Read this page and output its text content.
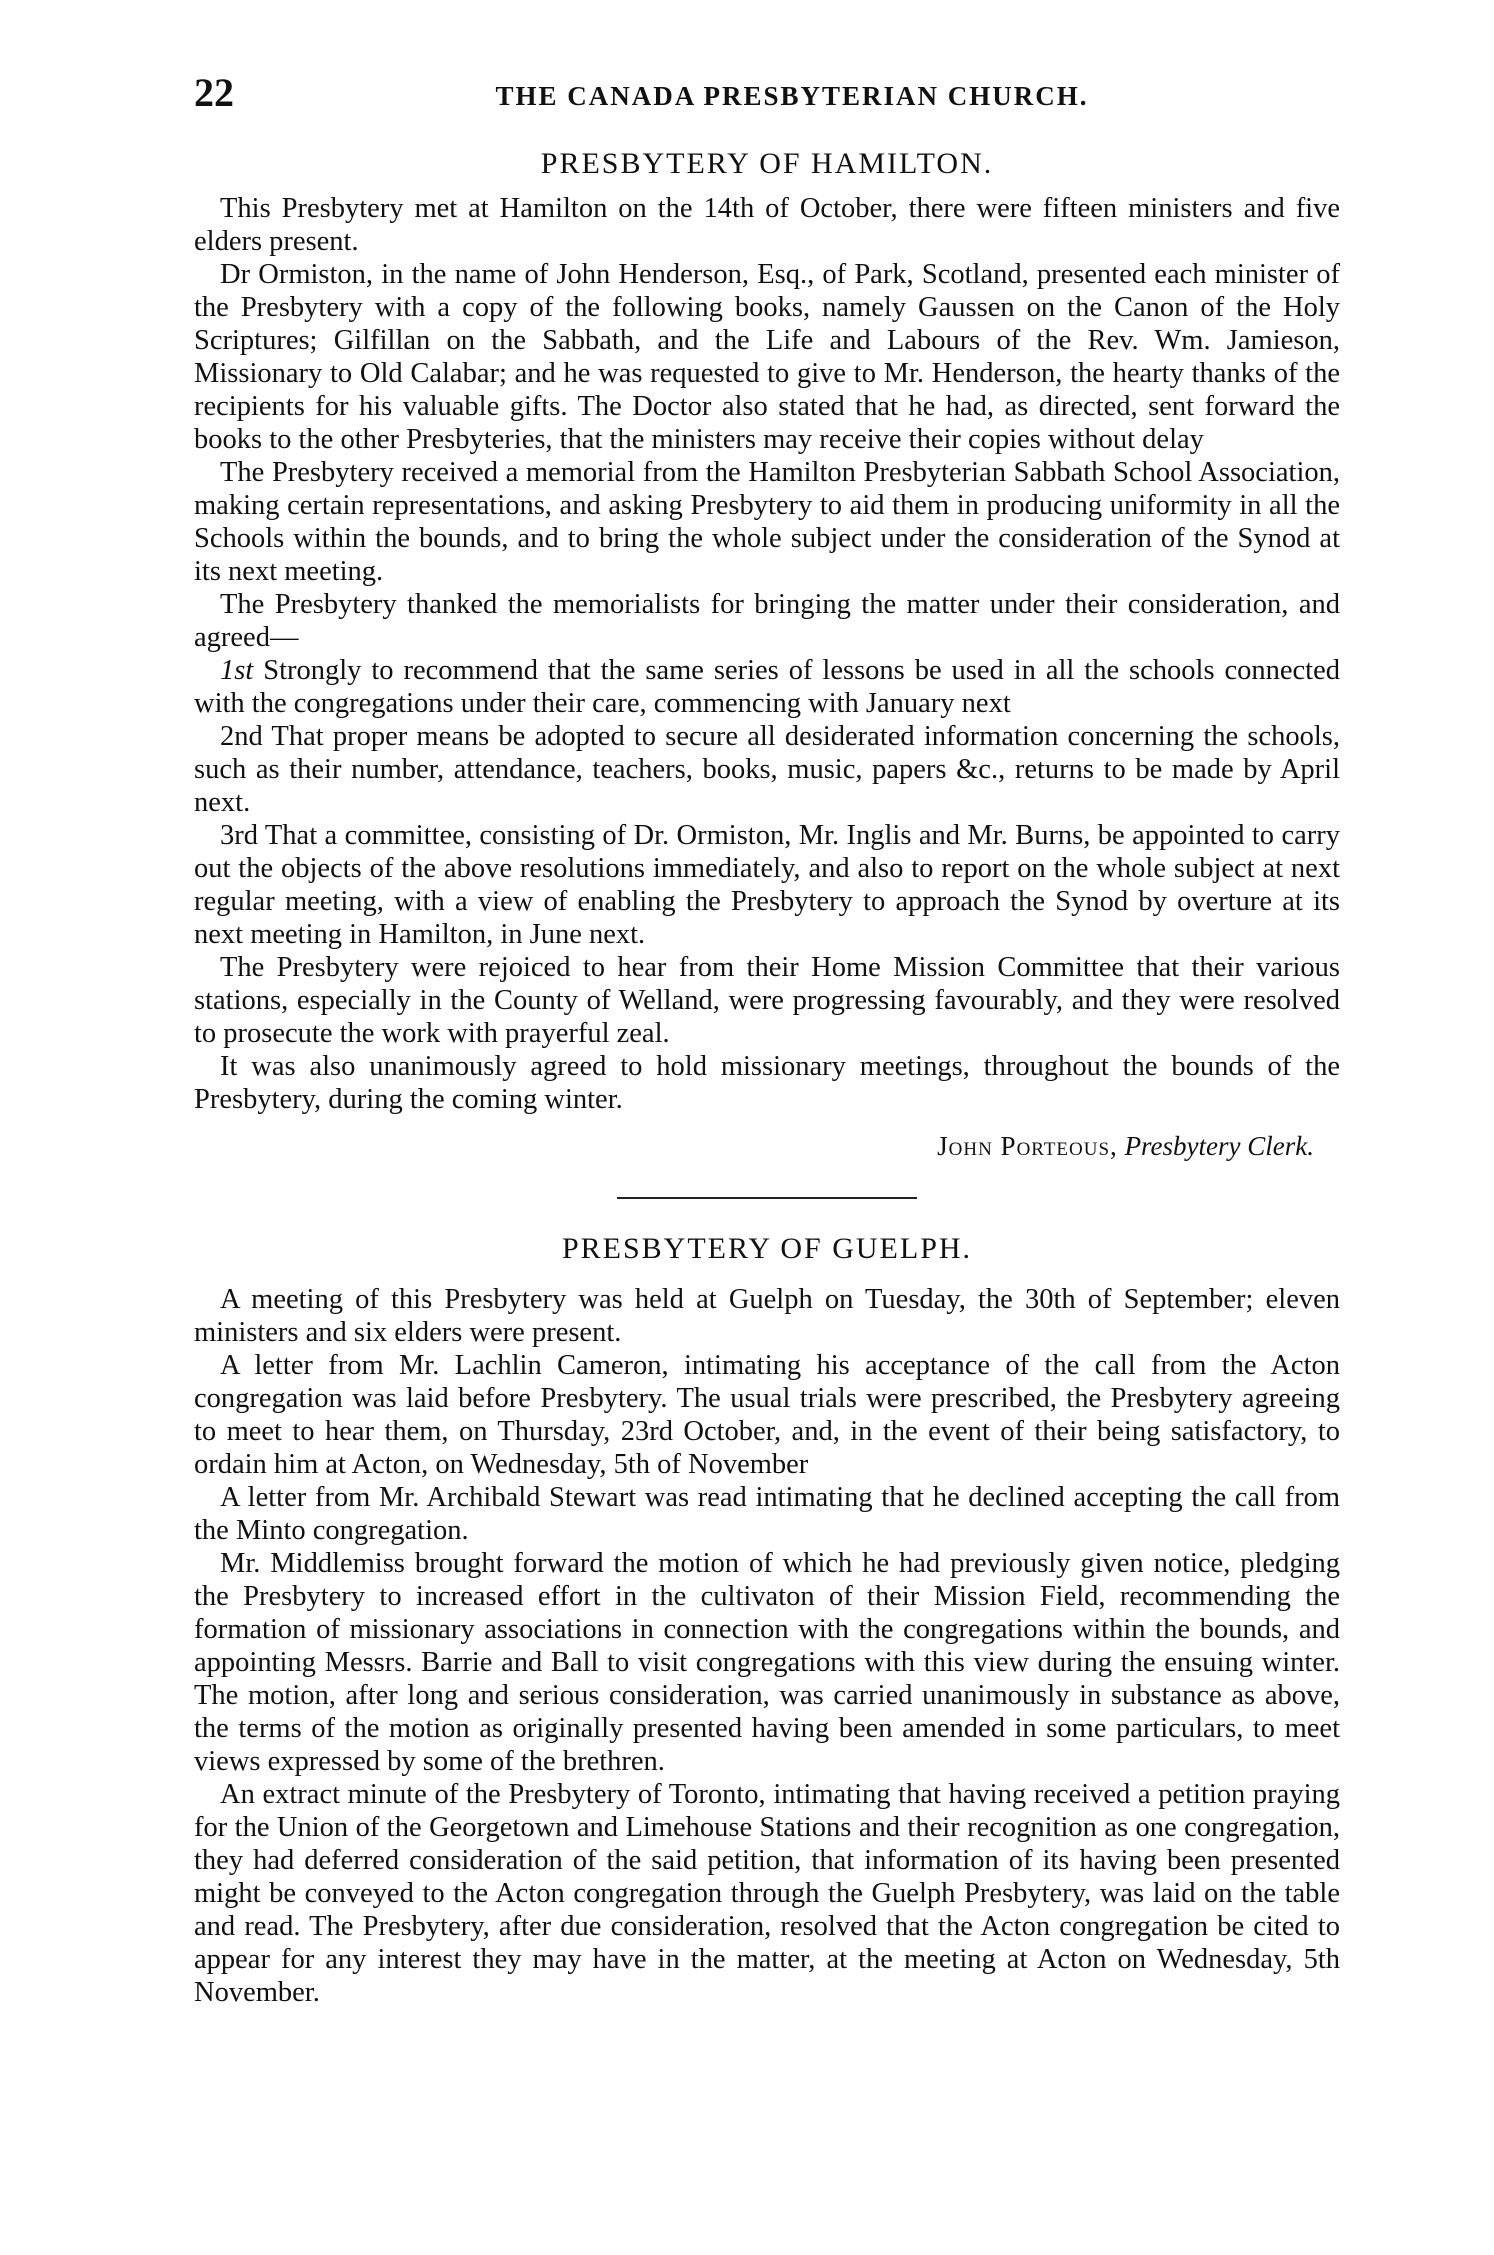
22	THE CANADA PRESBYTERIAN CHURCH.
PRESBYTERY OF HAMILTON.

This Presbytery met at Hamilton on the 14th of October, there were fifteen ministers and five elders present.

Dr Ormiston, in the name of John Henderson, Esq., of Park, Scotland, presented each minister of the Presbytery with a copy of the following books, namely Gaussen on the Canon of the Holy Scriptures; Gilfillan on the Sabbath, and the Life and Labours of the Rev. Wm. Jamieson, Missionary to Old Calabar; and he was requested to give to Mr. Henderson, the hearty thanks of the recipients for his valuable gifts. The Doctor also stated that he had, as directed, sent forward the books to the other Presbyteries, that the ministers may receive their copies without delay

The Presbytery received a memorial from the Hamilton Presbyterian Sabbath School Association, making certain representations, and asking Presbytery to aid them in producing uniformity in all the Schools within the bounds, and to bring the whole subject under the consideration of the Synod at its next meeting.

The Presbytery thanked the memorialists for bringing the matter under their consideration, and agreed—

1st Strongly to recommend that the same series of lessons be used in all the schools connected with the congregations under their care, commencing with January next

2nd That proper means be adopted to secure all desiderated information concerning the schools, such as their number, attendance, teachers, books, music, papers &c., returns to be made by April next.

3rd That a committee, consisting of Dr. Ormiston, Mr. Inglis and Mr. Burns, be appointed to carry out the objects of the above resolutions immediately, and also to report on the whole subject at next regular meeting, with a view of enabling the Presbytery to approach the Synod by overture at its next meeting in Hamilton, in June next.

The Presbytery were rejoiced to hear from their Home Mission Committee that their various stations, especially in the County of Welland, were progressing favourably, and they were resolved to prosecute the work with prayerful zeal.

It was also unanimously agreed to hold missionary meetings, throughout the bounds of the Presbytery, during the coming winter.

John Porteous, Presbytery Clerk.
PRESBYTERY OF GUELPH.

A meeting of this Presbytery was held at Guelph on Tuesday, the 30th of September; eleven ministers and six elders were present.

A letter from Mr. Lachlin Cameron, intimating his acceptance of the call from the Acton congregation was laid before Presbytery. The usual trials were prescribed, the Presbytery agreeing to meet to hear them, on Thursday, 23rd October, and, in the event of their being satisfactory, to ordain him at Acton, on Wednesday, 5th of November

A letter from Mr. Archibald Stewart was read intimating that he declined accepting the call from the Minto congregation.

Mr. Middlemiss brought forward the motion of which he had previously given notice, pledging the Presbytery to increased effort in the cultivaton of their Mission Field, recommending the formation of missionary associations in connection with the congregations within the bounds, and appointing Messrs. Barrie and Ball to visit congregations with this view during the ensuing winter. The motion, after long and serious consideration, was carried unanimously in substance as above, the terms of the motion as originally presented having been amended in some particulars, to meet views expressed by some of the brethren.

An extract minute of the Presbytery of Toronto, intimating that having received a petition praying for the Union of the Georgetown and Limehouse Stations and their recognition as one congregation, they had deferred consideration of the said petition, that information of its having been presented might be conveyed to the Acton congregation through the Guelph Presbytery, was laid on the table and read. The Presbytery, after due consideration, resolved that the Acton congregation be cited to appear for any interest they may have in the matter, at the meeting at Acton on Wednesday, 5th November.
